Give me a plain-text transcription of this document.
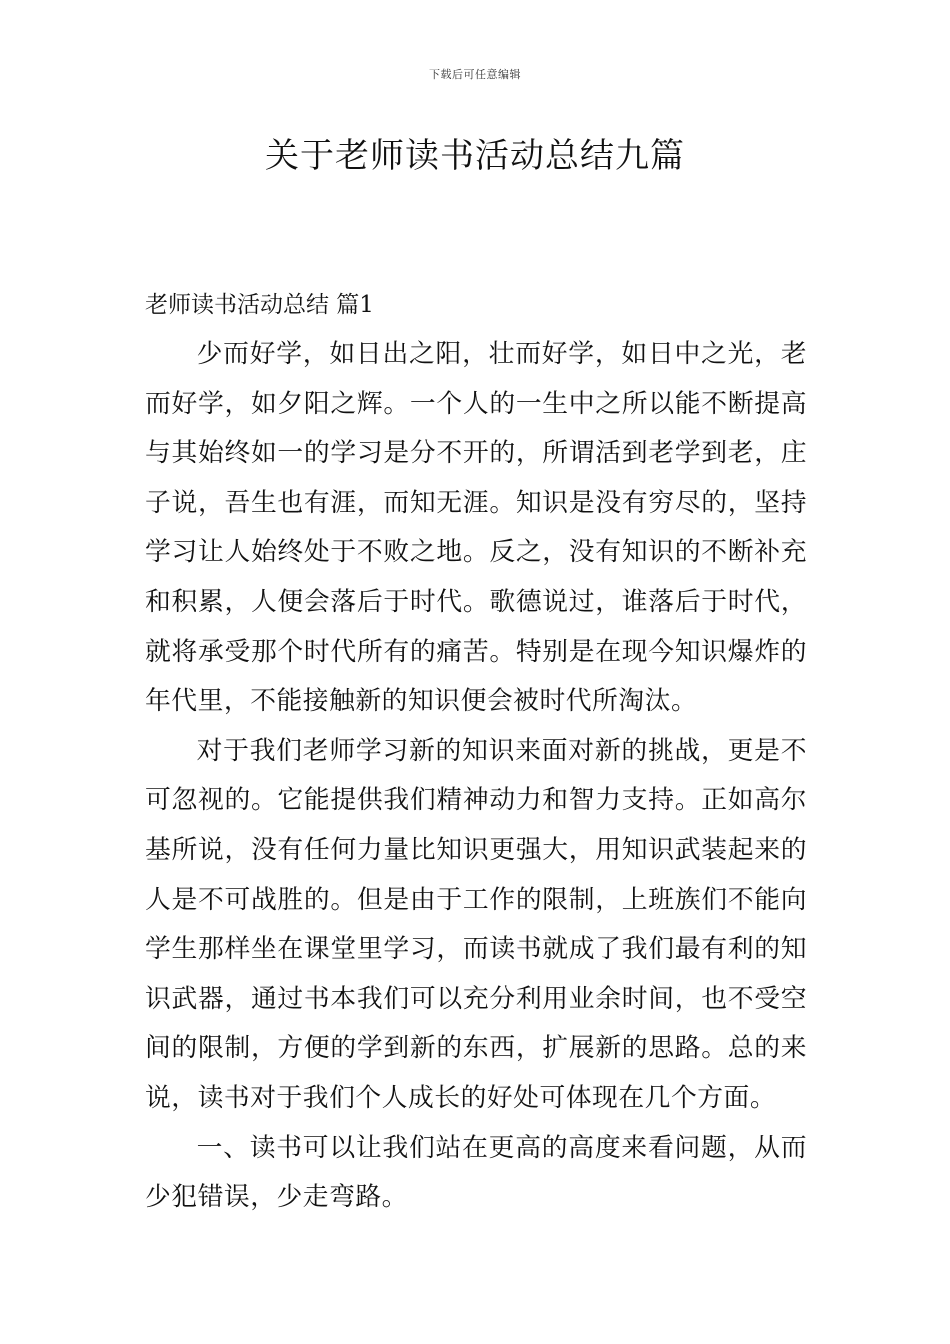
下载后可任意编辑
关于老师读书活动总结九篇
老师读书活动总结 篇1

少而好学，如日出之阳，壮而好学，如日中之光，老而好学，如夕阳之辉。一个人的一生中之所以能不断提高与其始终如一的学习是分不开的，所谓活到老学到老，庄子说，吾生也有涯，而知无涯。知识是没有穷尽的，坚持学习让人始终处于不败之地。反之，没有知识的不断补充和积累，人便会落后于时代。歌德说过，谁落后于时代，就将承受那个时代所有的痛苦。特别是在现今知识爆炸的年代里，不能接触新的知识便会被时代所淘汰。

对于我们老师学习新的知识来面对新的挑战，更是不可忽视的。它能提供我们精神动力和智力支持。正如高尔基所说，没有任何力量比知识更强大，用知识武装起来的人是不可战胜的。但是由于工作的限制，上班族们不能向学生那样坐在课堂里学习，而读书就成了我们最有利的知识武器，通过书本我们可以充分利用业余时间，也不受空间的限制，方便的学到新的东西，扩展新的思路。总的来说，读书对于我们个人成长的好处可体现在几个方面。

一、读书可以让我们站在更高的高度来看问题，从而少犯错误，少走弯路。
